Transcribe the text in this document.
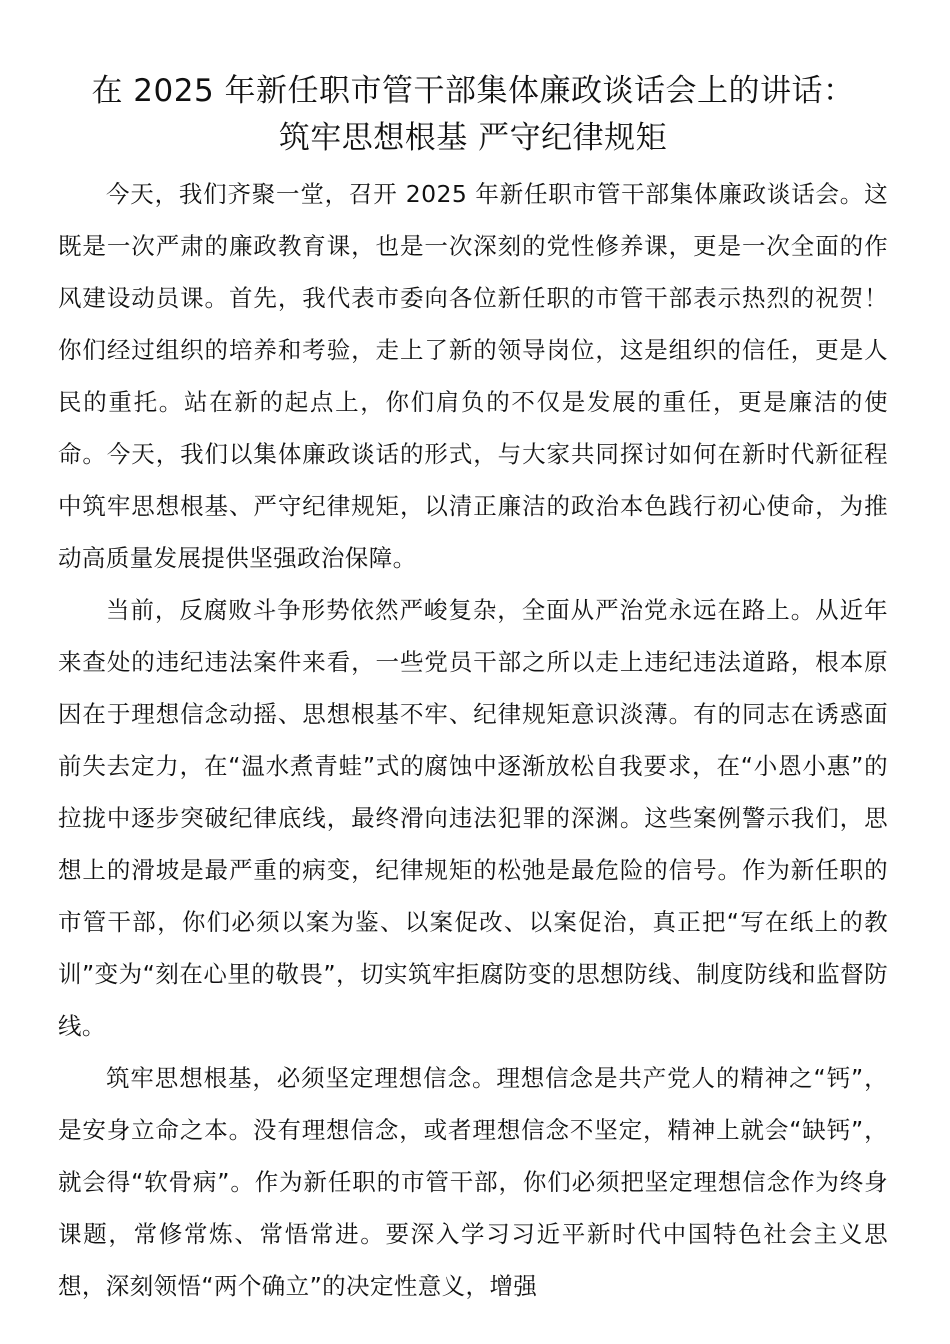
在 2025 年新任职市管干部集体廉政谈话会上的讲话：
筑牢思想根基 严守纪律规矩

今天，我们齐聚一堂，召开 2025 年新任职市管干部集体廉政谈话会。这既是一次严肃的廉政教育课，也是一次深刻的党性修养课，更是一次全面的作风建设动员课。首先，我代表市委向各位新任职的市管干部表示热烈的祝贺！你们经过组织的培养和考验，走上了新的领导岗位，这是组织的信任，更是人民的重托。站在新的起点上，你们肩负的不仅是发展的重任，更是廉洁的使命。今天，我们以集体廉政谈话的形式，与大家共同探讨如何在新时代新征程中筑牢思想根基、严守纪律规矩，以清正廉洁的政治本色践行初心使命，为推动高质量发展提供坚强政治保障。

当前，反腐败斗争形势依然严峻复杂，全面从严治党永远在路上。从近年来查处的违纪违法案件来看，一些党员干部之所以走上违纪违法道路，根本原因在于理想信念动摇、思想根基不牢、纪律规矩意识淡薄。有的同志在诱惑面前失去定力，在“温水煮青蛙”式的腐蚀中逐渐放松自我要求，在“小恩小惠”的拉拢中逐步突破纪律底线，最终滑向违法犯罪的深渊。这些案例警示我们，思想上的滑坡是最严重的病变，纪律规矩的松弛是最危险的信号。作为新任职的市管干部，你们必须以案为鉴、以案促改、以案促治，真正把“写在纸上的教训”变为“刻在心里的敬畏”，切实筑牢拒腐防变的思想防线、制度防线和监督防线。

筑牢思想根基，必须坚定理想信念。理想信念是共产党人的精神之“钙”，是安身立命之本。没有理想信念，或者理想信念不坚定，精神上就会“缺钙”，就会得“软骨病”。作为新任职的市管干部，你们必须把坚定理想信念作为终身课题，常修常炼、常悟常进。要深入学习习近平新时代中国特色社会主义思想，深刻领悟“两个确立”的决定性意义，增强
